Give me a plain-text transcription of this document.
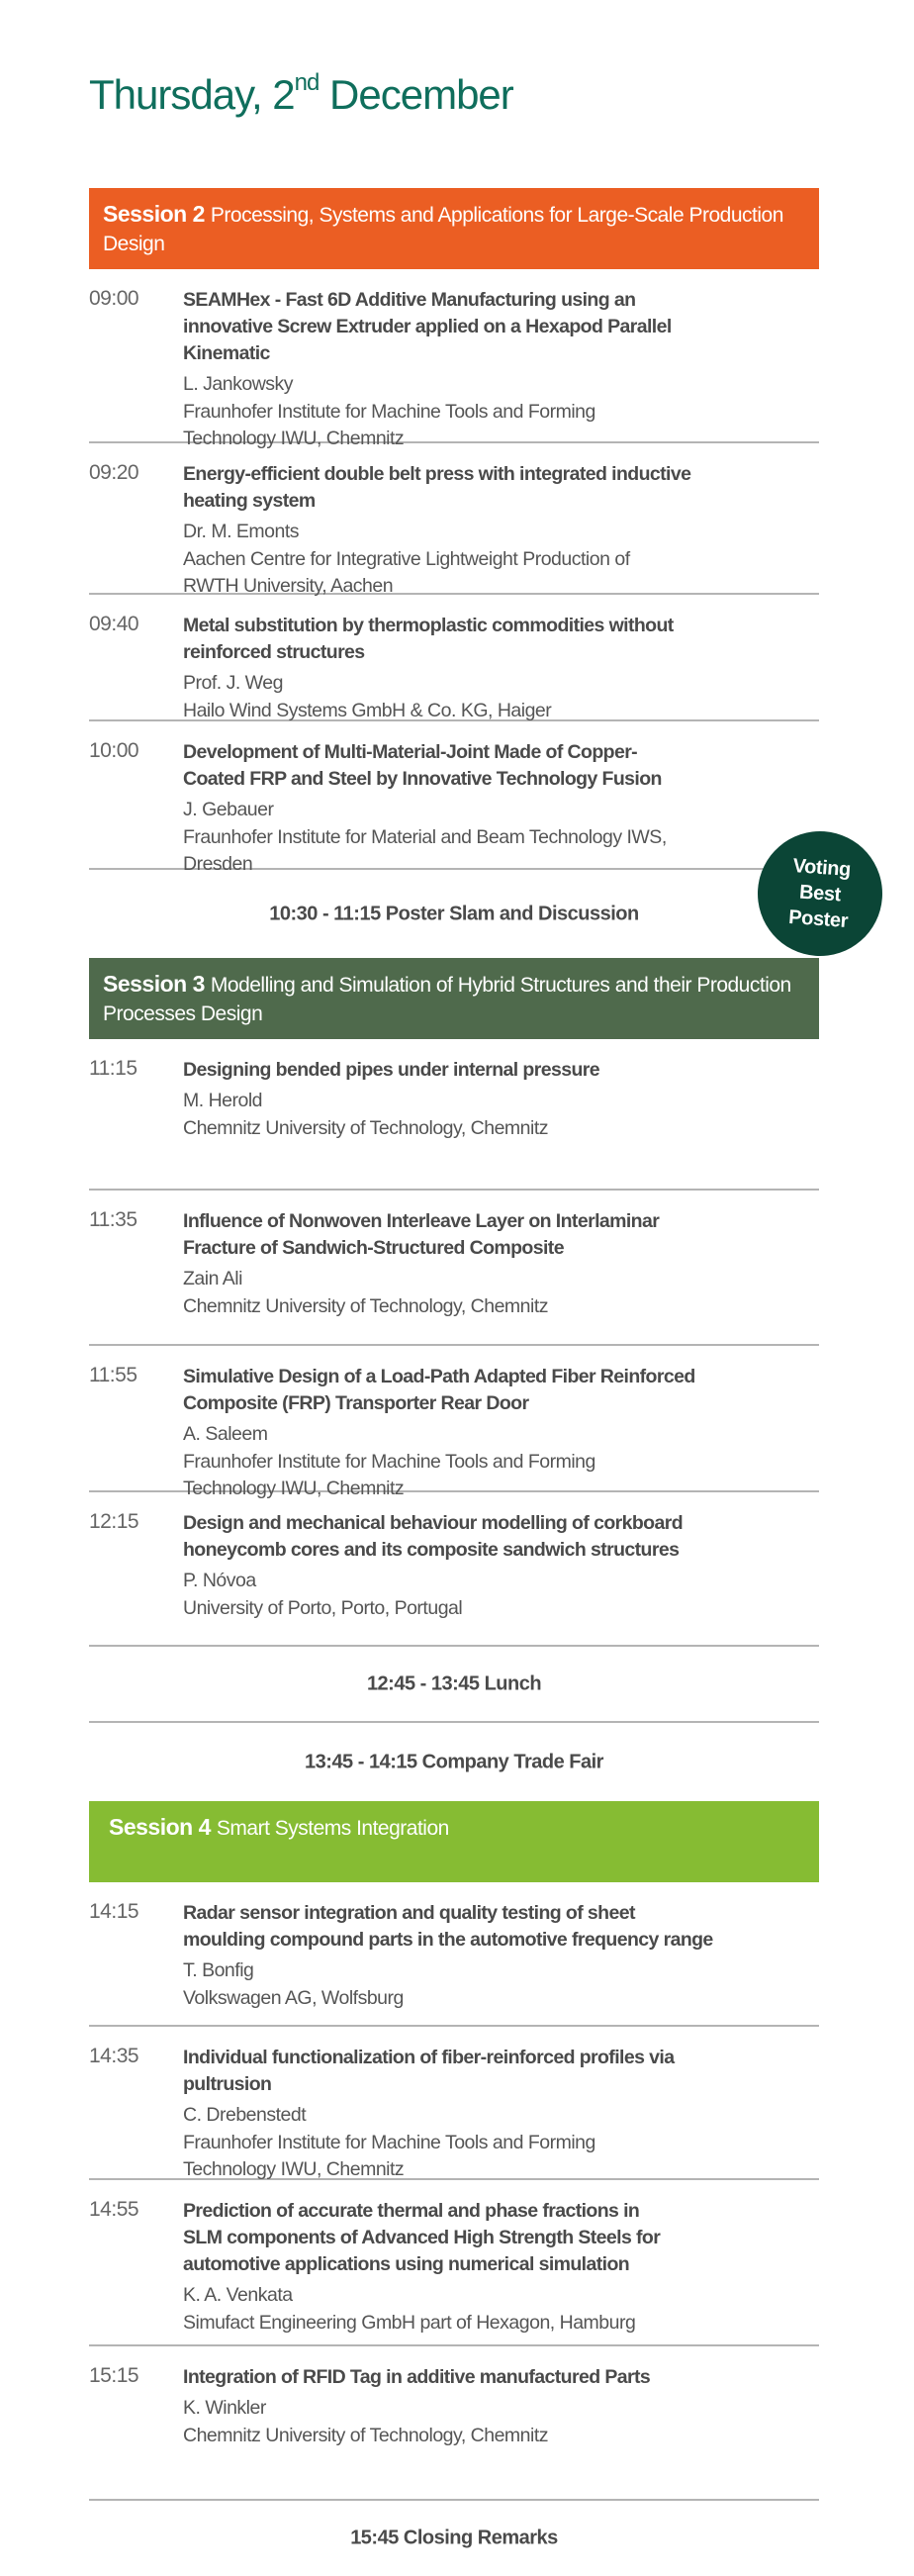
Thursday, 2nd December
Session 2 Processing, Systems and Applications for Large-Scale Production Design
09:00 SEAMHex - Fast 6D Additive Manufacturing using an
innovative Screw Extruder applied on a Hexapod Parallel
Kinematic
L. Jankowsky
Fraunhofer Institute for Machine Tools and Forming
Technology IWU, Chemnitz
09:20 Energy-efficient double belt press with integrated inductive
heating system
Dr. M. Emonts
Aachen Centre for Integrative Lightweight Production of
RWTH University, Aachen
09:40 Metal substitution by thermoplastic commodities without
reinforced structures
Prof. J. Weg
Hailo Wind Systems GmbH & Co. KG, Haiger
10:00 Development of Multi-Material-Joint Made of Copper-
Coated FRP and Steel by Innovative Technology Fusion
J. Gebauer
Fraunhofer Institute for Material and Beam Technology IWS,
Dresden
10:30 - 11:15 Poster Slam and Discussion
Session 3 Modelling and Simulation of Hybrid Structures and their Production Processes Design
11:15 Designing bended pipes under internal pressure
M. Herold
Chemnitz University of Technology, Chemnitz
11:35 Influence of Nonwoven Interleave Layer on Interlaminar
Fracture of Sandwich-Structured Composite
Zain Ali
Chemnitz University of Technology, Chemnitz
11:55 Simulative Design of a Load-Path Adapted Fiber Reinforced
Composite (FRP) Transporter Rear Door
A. Saleem
Fraunhofer Institute for Machine Tools and Forming
Technology IWU, Chemnitz
12:15 Design and mechanical behaviour modelling of corkboard
honeycomb cores and its composite sandwich structures
P. Nóvoa
University of Porto, Porto, Portugal
12:45 - 13:45 Lunch
13:45 - 14:15 Company Trade Fair
Session 4 Smart Systems Integration
14:15 Radar sensor integration and quality testing of sheet
moulding compound parts in the automotive frequency range
T. Bonfig
Volkswagen AG, Wolfsburg
14:35 Individual functionalization of fiber-reinforced profiles via
pultrusion
C. Drebenstedt
Fraunhofer Institute for Machine Tools and Forming
Technology IWU, Chemnitz
14:55 Prediction of accurate thermal and phase fractions in
SLM components of Advanced High Strength Steels for
automotive applications using numerical simulation
K. A. Venkata
Simufact Engineering GmbH part of Hexagon, Hamburg
15:15 Integration of RFID Tag in additive manufactured Parts
K. Winkler
Chemnitz University of Technology, Chemnitz
15:45 Closing Remarks
Voting
Best
Poster
